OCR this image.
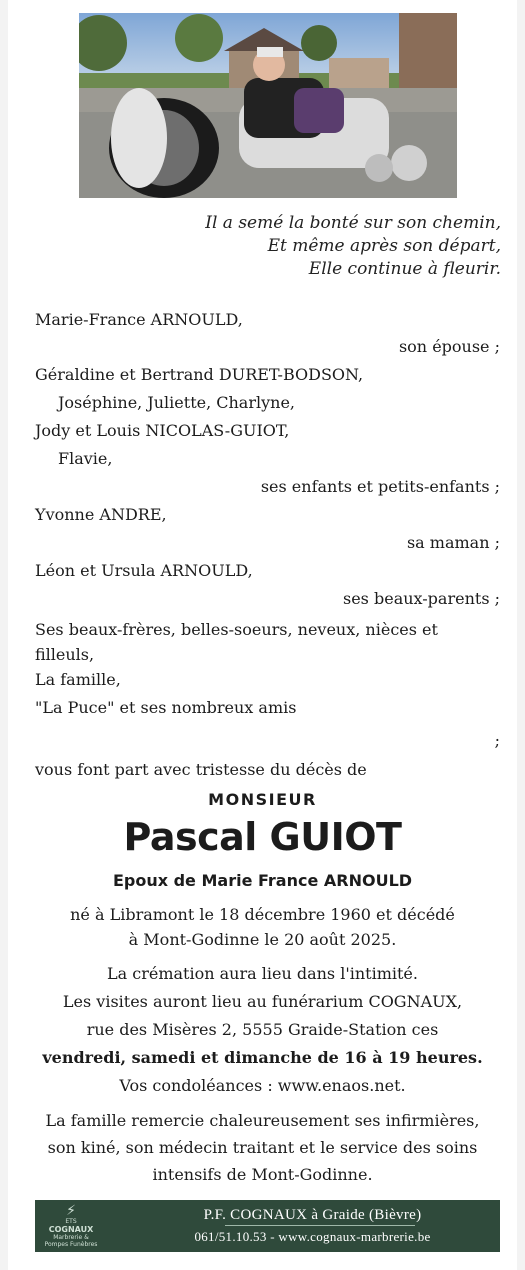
Il a semé la bonté sur son chemin,
Et même après son départ,
Elle continue à fleurir.
Marie-France ARNOULD,
son épouse ;
Géraldine et Bertrand DURET-BODSON,
Joséphine, Juliette, Charlyne,
Jody et Louis NICOLAS-GUIOT,
Flavie,
ses enfants et petits-enfants ;
Yvonne ANDRE,
sa maman ;
Léon et Ursula ARNOULD,
ses beaux-parents ;
Ses beaux-frères, belles-soeurs, neveux, nièces et filleuls,
La famille,
"La Puce" et ses nombreux amis
;
vous font part avec tristesse du décès de
MONSIEUR
Pascal GUIOT
Epoux de Marie France ARNOULD
né à Libramont le 18 décembre 1960 et décédé
à Mont-Godinne le 20 août 2025.
La crémation aura lieu dans l'intimité.
Les visites auront lieu au funérarium COGNAUX,
rue des Misères 2, 5555 Graide-Station ces
vendredi, samedi et dimanche de 16 à 19 heures.
Vos condoléances : www.enaos.net.
La famille remercie chaleureusement ses infirmières,
son kiné, son médecin traitant et le service des soins
intensifs de Mont-Godinne.
⚡
ETS
COGNAUX
Marbrerie &
Pompes Funèbres
P.F. COGNAUX à Graide (Bièvre)
061/51.10.53 - www.cognaux-marbrerie.be
